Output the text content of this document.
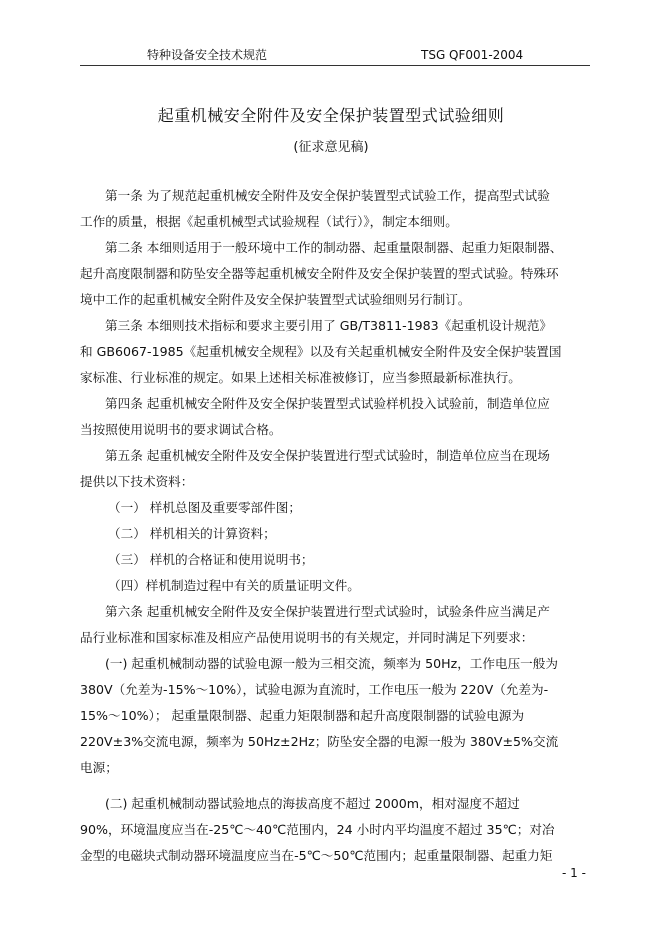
特种设备安全技术规范	TSG QF001-2004
起重机械安全附件及安全保护装置型式试验细则
(征求意见稿)
第一条 为了规范起重机械安全附件及安全保护装置型式试验工作，提高型式试验
工作的质量，根据《起重机械型式试验规程（试行）》，制定本细则。
第二条 本细则适用于一般环境中工作的制动器、起重量限制器、起重力矩限制器、
起升高度限制器和防坠安全器等起重机械安全附件及安全保护装置的型式试验。特殊环
境中工作的起重机械安全附件及安全保护装置型式试验细则另行制订。
第三条 本细则技术指标和要求主要引用了 GB/T3811-1983《起重机设计规范》
和 GB6067-1985《起重机械安全规程》以及有关起重机械安全附件及安全保护装置国
家标准、行业标准的规定。如果上述相关标准被修订，应当参照最新标准执行。
第四条 起重机械安全附件及安全保护装置型式试验样机投入试验前，制造单位应
当按照使用说明书的要求调试合格。
第五条 起重机械安全附件及安全保护装置进行型式试验时，制造单位应当在现场
提供以下技术资料：
（一） 样机总图及重要零部件图；
（二） 样机相关的计算资料；
（三） 样机的合格证和使用说明书；
（四）样机制造过程中有关的质量证明文件。
第六条 起重机械安全附件及安全保护装置进行型式试验时，试验条件应当满足产
品行业标准和国家标准及相应产品使用说明书的有关规定，并同时满足下列要求：
(一) 起重机械制动器的试验电源一般为三相交流，频率为 50Hz，工作电压一般为
380V（允差为-15%～10%），试验电源为直流时，工作电压一般为 220V（允差为-
15%～10%）； 起重量限制器、起重力矩限制器和起升高度限制器的试验电源为
220V±3%交流电源，频率为 50Hz±2Hz；防坠安全器的电源一般为 380V±5%交流
电源；
(二) 起重机械制动器试验地点的海拔高度不超过 2000m，相对湿度不超过
90%，环境温度应当在-25℃～40℃范围内，24 小时内平均温度不超过 35℃；对冶
金型的电磁块式制动器环境温度应当在-5℃～50℃范围内；起重量限制器、起重力矩
- 1 -
